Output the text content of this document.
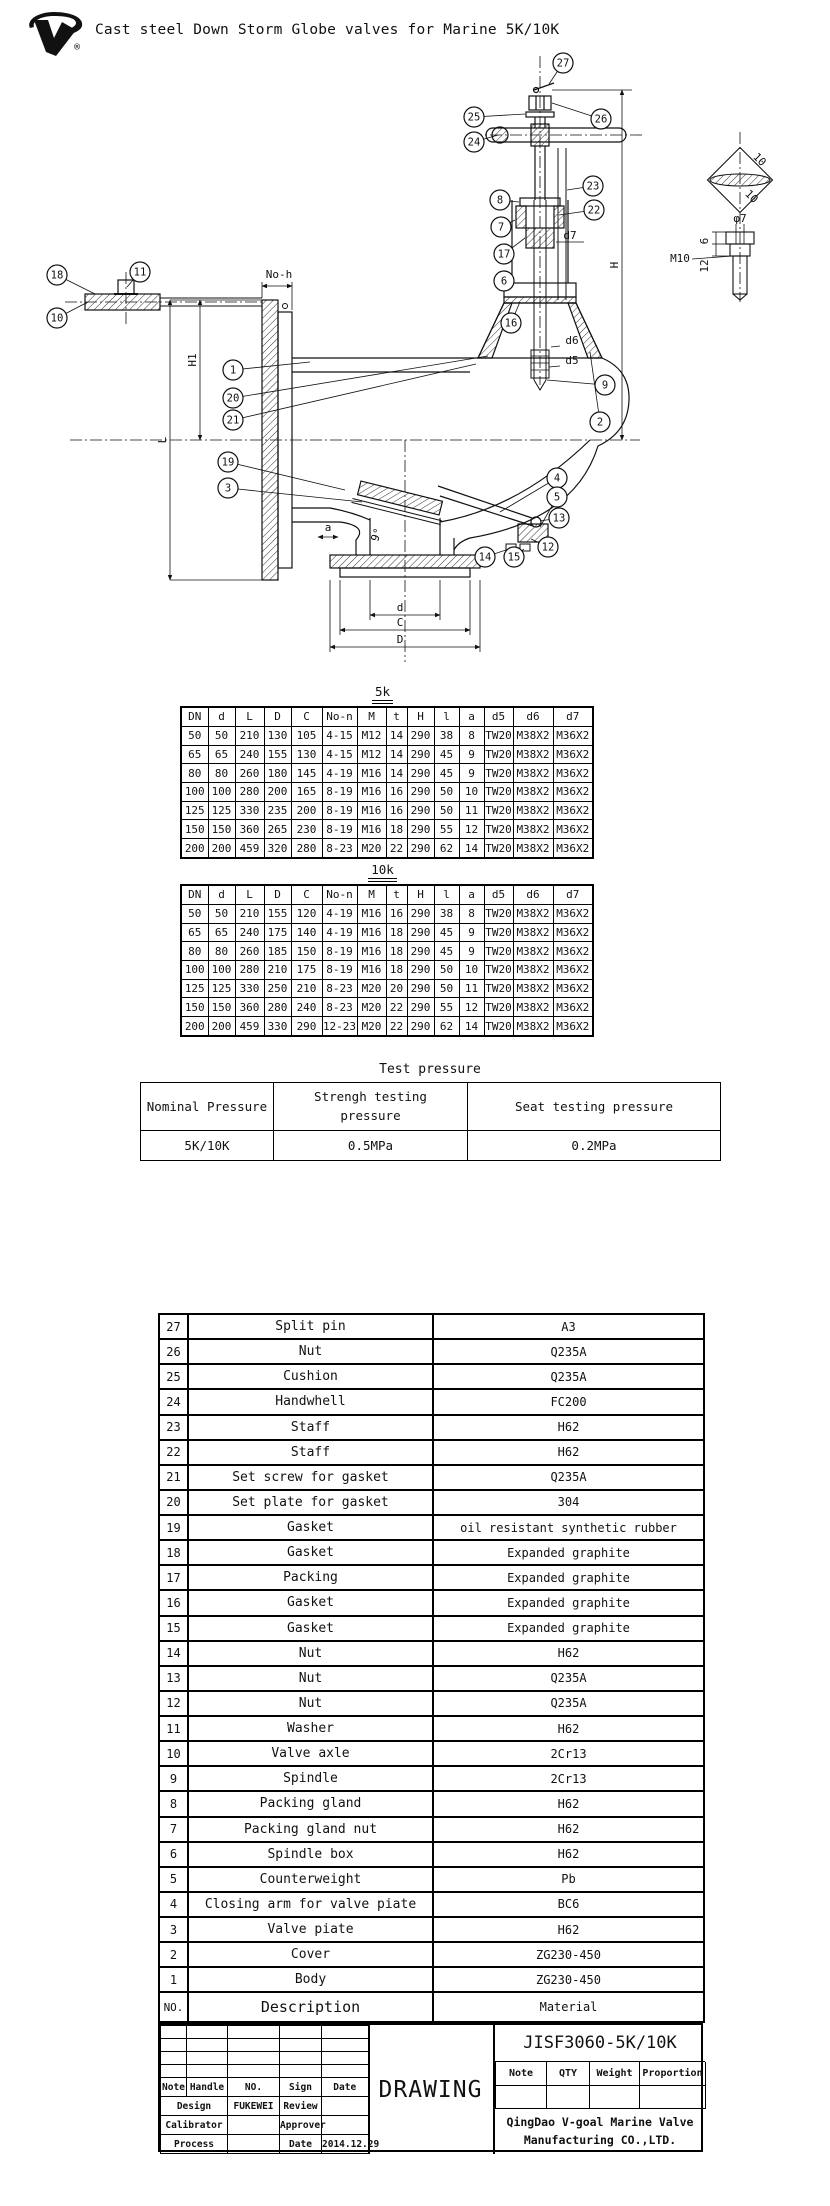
®
Cast steel Down Storm Globe valves for Marine 5K/10K
27
26
25
24
23
22
8
7
17
6
16
18	11
10
1
20
21
19
3
9
2
4
5
13
12
14 15
No-h
H1
L
H
d7
d6
d5
a	9°
d
C
D
M10
φ7
6
12
10
10
5k
DN	d	L	D	C	No-n	M	t	H	l	a	d5	d6	d7
50	50	210	130	105	4-15	M12	14	290	38	8	TW20	M38X2	M36X2
65	65	240	155	130	4-15	M12	14	290	45	9	TW20	M38X2	M36X2
80	80	260	180	145	4-19	M16	14	290	45	9	TW20	M38X2	M36X2
100	100	280	200	165	8-19	M16	16	290	50	10	TW20	M38X2	M36X2
125	125	330	235	200	8-19	M16	16	290	50	11	TW20	M38X2	M36X2
150	150	360	265	230	8-19	M16	18	290	55	12	TW20	M38X2	M36X2
200	200	459	320	280	8-23	M20	22	290	62	14	TW20	M38X2	M36X2
10k
DN	d	L	D	C	No-n	M	t	H	l	a	d5	d6	d7
50	50	210	155	120	4-19	M16	16	290	38	8	TW20	M38X2	M36X2
65	65	240	175	140	4-19	M16	18	290	45	9	TW20	M38X2	M36X2
80	80	260	185	150	8-19	M16	18	290	45	9	TW20	M38X2	M36X2
100	100	280	210	175	8-19	M16	18	290	50	10	TW20	M38X2	M36X2
125	125	330	250	210	8-23	M20	20	290	50	11	TW20	M38X2	M36X2
150	150	360	280	240	8-23	M20	22	290	55	12	TW20	M38X2	M36X2
200	200	459	330	290	12-23	M20	22	290	62	14	TW20	M38X2	M36X2
Test pressure
Nominal Pressure	Strengh testing pressure	Seat testing pressure
5K/10K	0.5MPa	0.2MPa
27	Split pin	A3
26	Nut	Q235A
25	Cushion	Q235A
24	Handwhell	FC200
23	Staff	H62
22	Staff	H62
21	Set screw for gasket	Q235A
20	Set plate for gasket	304
19	Gasket	oil resistant synthetic rubber
18	Gasket	Expanded graphite
17	Packing	Expanded graphite
16	Gasket	Expanded graphite
15	Gasket	Expanded graphite
14	Nut	H62
13	Nut	Q235A
12	Nut	Q235A
11	Washer	H62
10	Valve axle	2Cr13
9	Spindle	2Cr13
8	Packing gland	H62
7	Packing gland nut	H62
6	Spindle box	H62
5	Counterweight	Pb
4	Closing arm for valve piate	BC6
3	Valve piate	H62
2	Cover	ZG230-450
1	Body	ZG230-450
NO.	Description	Material

Note	Handle	NO.	Sign	Date
Design		FUKEWEI	Review	
Calibrator			Approver	
Process			Date	2014.12.29
DRAWING
JISF3060-5K/10K
Note	QTY	Weight	Proportion

QingDao V-goal Marine Valve
Manufacturing CO.,LTD.
